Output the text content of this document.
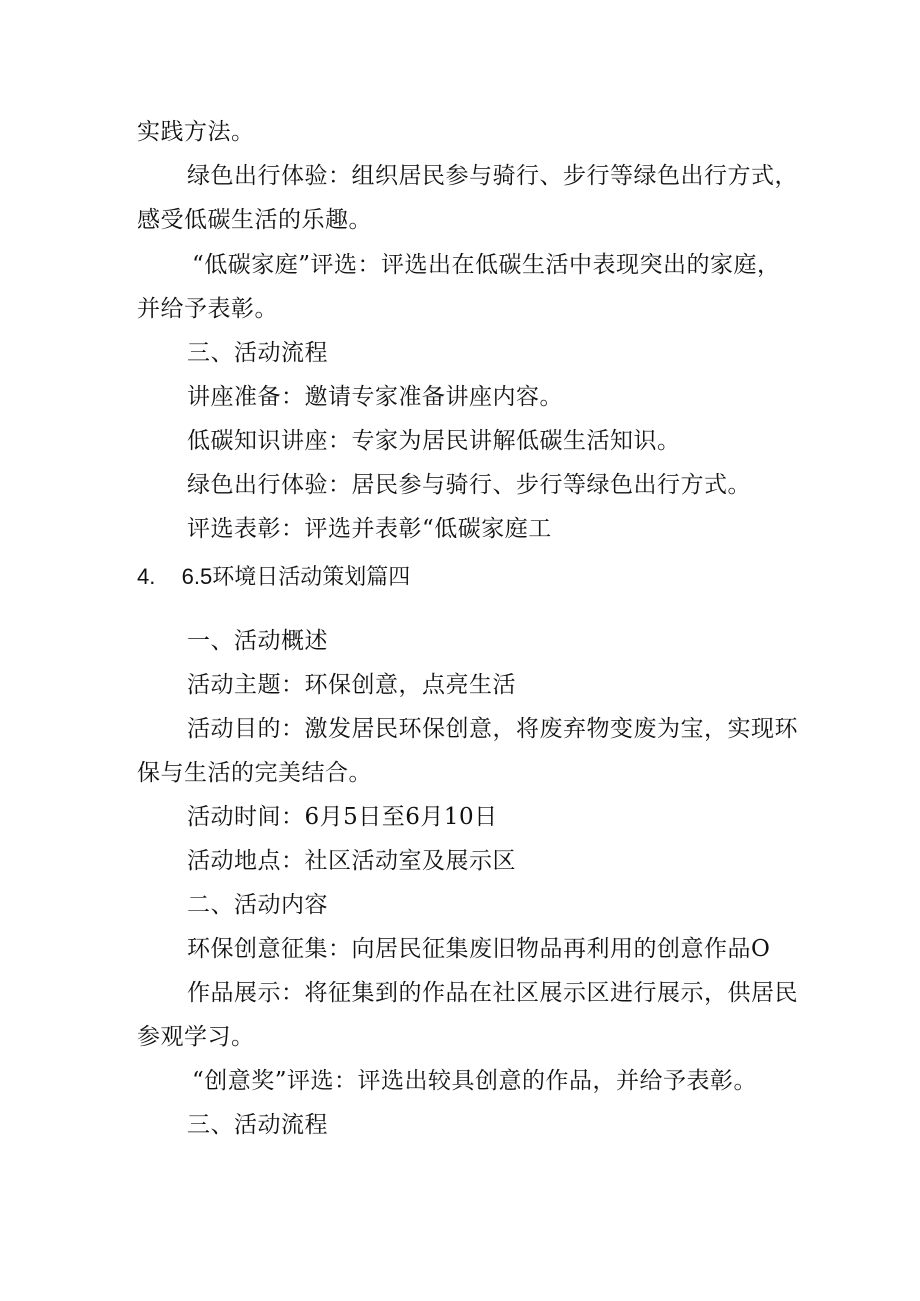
实践方法。
绿色出行体验：组织居民参与骑行、步行等绿色出行方式，
感受低碳生活的乐趣。
“低碳家庭”评选：评选出在低碳生活中表现突出的家庭，
并给予表彰。
三、活动流程
讲座准备：邀请专家准备讲座内容。
低碳知识讲座：专家为居民讲解低碳生活知识。
绿色出行体验：居民参与骑行、步行等绿色出行方式。
评选表彰：评选并表彰“低碳家庭工
4. 6.5环境日活动策划篇四
一、活动概述
活动主题：环保创意，点亮生活
活动目的：激发居民环保创意，将废弃物变废为宝，实现环
保与生活的完美结合。
活动时间：6月5日至6月10日
活动地点：社区活动室及展示区
二、活动内容
环保创意征集：向居民征集废旧物品再利用的创意作品O
作品展示：将征集到的作品在社区展示区进行展示，供居民
参观学习。
“创意奖”评选：评选出较具创意的作品，并给予表彰。
三、活动流程
